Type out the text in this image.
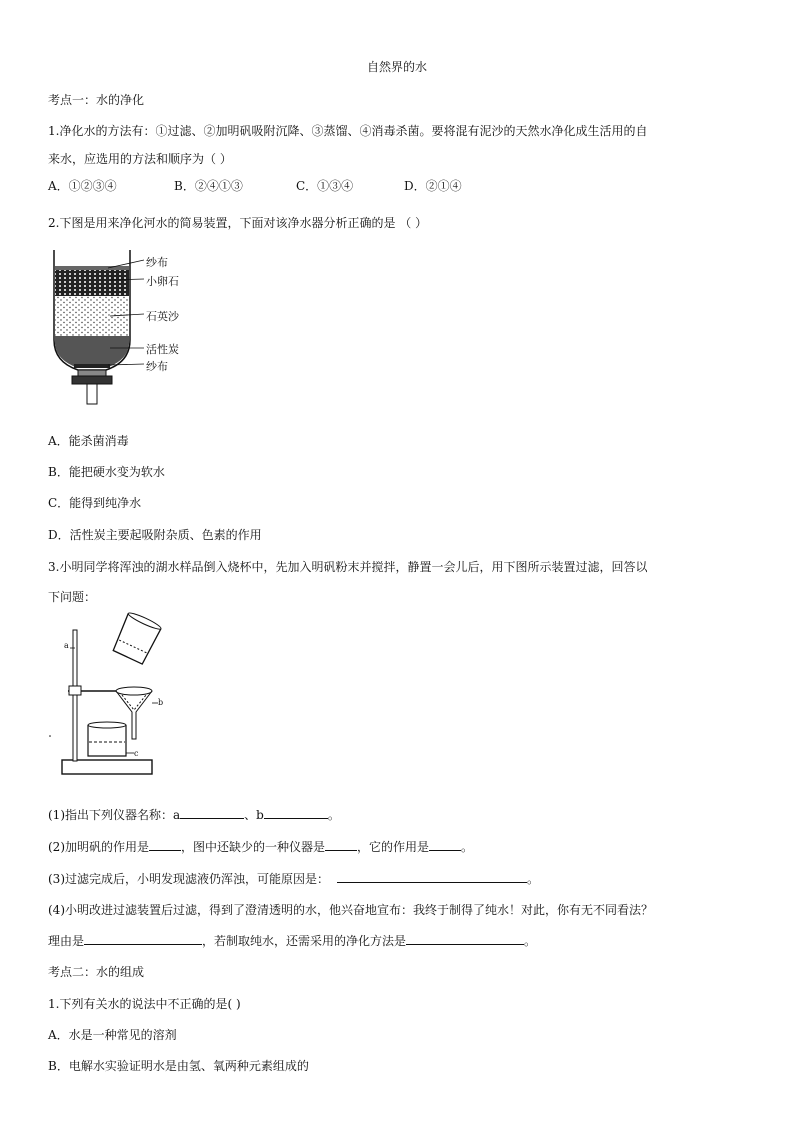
自然界的水
考点一：水的净化
1.净化水的方法有：①过滤、②加明矾吸附沉降、③蒸馏、④消毒杀菌。要将混有泥沙的天然水净化成生活用的自
来水，应选用的方法和顺序为（ ）
A．①②③④	B．②④①③	C．①③④	D．②①④
2.下图是用来净化河水的简易装置，下面对该净水器分析正确的是 （ ）
纱布
小卵石
石英沙
活性炭
纱布
A．能杀菌消毒
B．能把硬水变为软水
C．能得到纯净水
D．活性炭主要起吸附杂质、色素的作用
3.小明同学将浑浊的湖水样品倒入烧杯中，先加入明矾粉末并搅拌，静置一会儿后，用下图所示装置过滤，回答以
下问题：
a
b
c
(1)指出下列仪器名称：a	、b	。
(2)加明矾的作用是	，图中还缺少的一种仪器是	，它的作用是	。
(3)过滤完成后，小明发现滤液仍浑浊，可能原因是：	。
(4)小明改进过滤装置后过滤，得到了澄清透明的水，他兴奋地宣布：我终于制得了纯水！对此，你有无不同看法？
理由是	，若制取纯水，还需采用的净化方法是	。
考点二：水的组成
1.下列有关水的说法中不正确的是( )
A．水是一种常见的溶剂
B．电解水实验证明水是由氢、氧两种元素组成的
